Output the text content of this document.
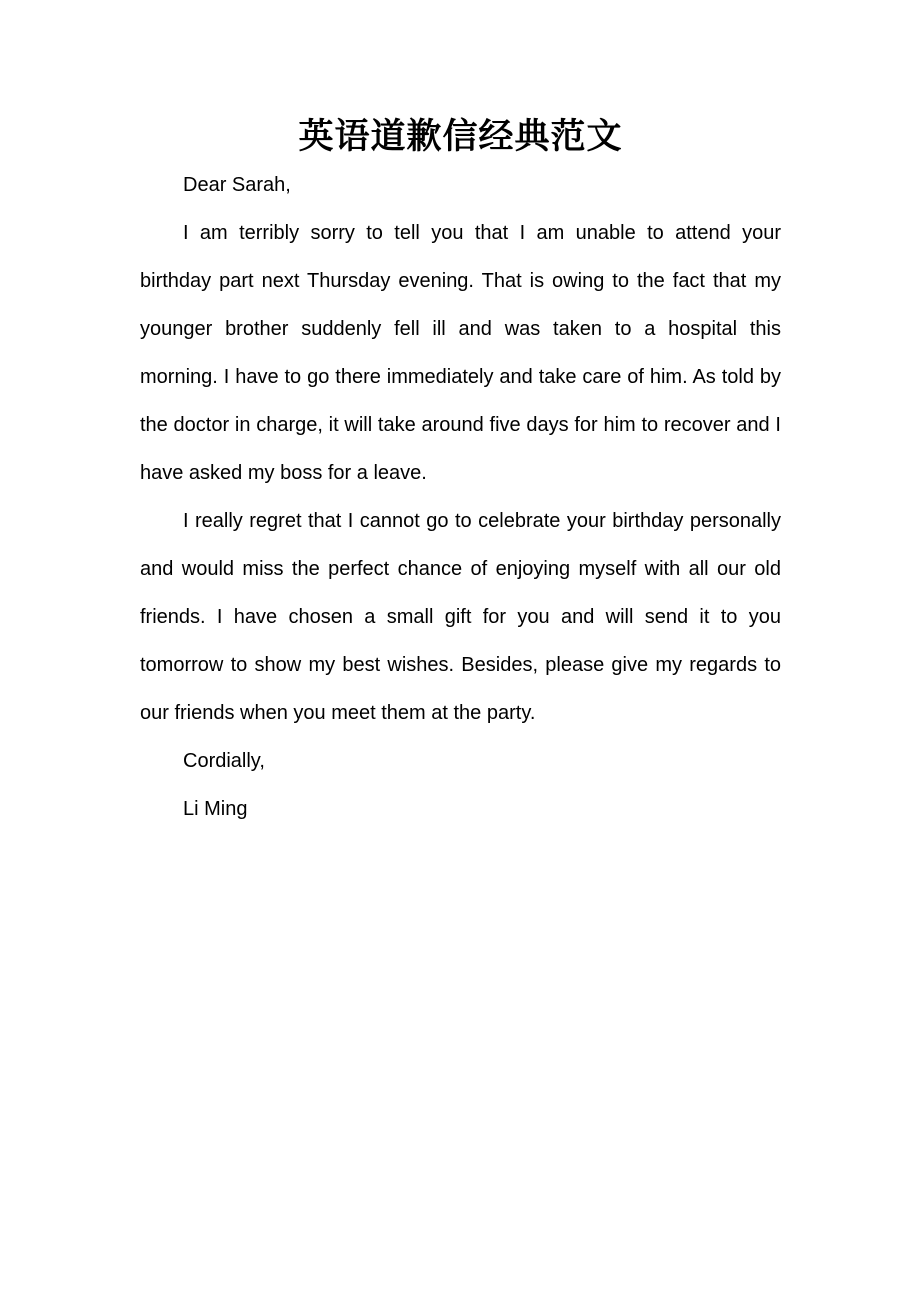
英语道歉信经典范文

Dear Sarah,

I am terribly sorry to tell you that I am unable to attend your birthday part next Thursday evening. That is owing to the fact that my younger brother suddenly fell ill and was taken to a hospital this morning. I have to go there immediately and take care of him. As told by the doctor in charge, it will take around five days for him to recover and I have asked my boss for a leave.

I really regret that I cannot go to celebrate your birthday personally and would miss the perfect chance of enjoying myself with all our old friends. I have chosen a small gift for you and will send it to you tomorrow to show my best wishes. Besides, please give my regards to our friends when you meet them at the party.

Cordially,

Li Ming
